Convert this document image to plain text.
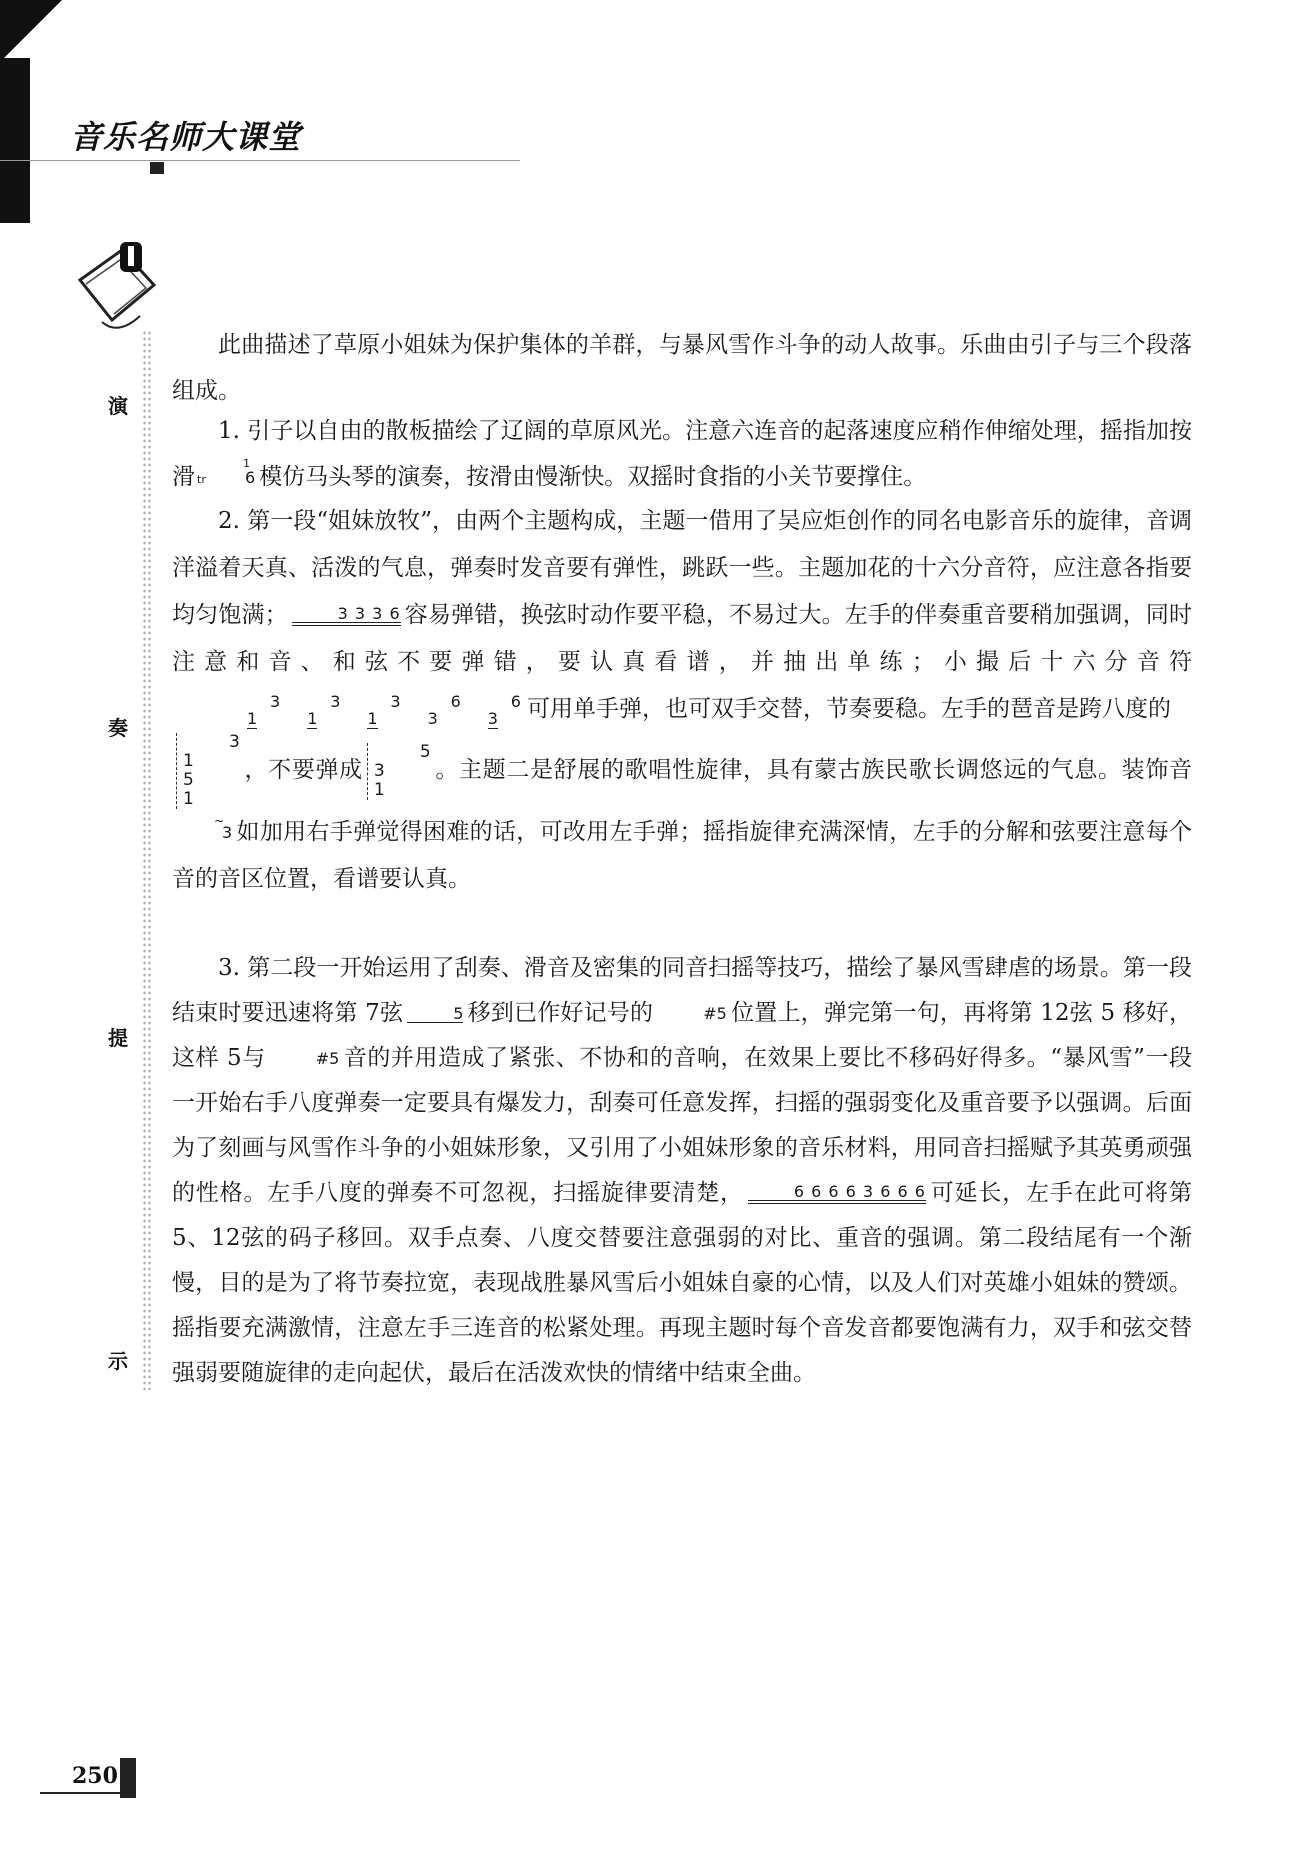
音乐名师大课堂
演
奏
提
示

此曲描述了草原小姐妹为保护集体的羊群，与暴风雪作斗争的动人故事。乐曲由引子与三个段落组成。

1. 引子以自由的散板描绘了辽阔的草原风光。注意六连音的起落速度应稍作伸缩处理，摇指加按滑
1 tr	6 模仿马头琴的演奏，按滑由慢渐快。双摇时食指的小关节要撑住。

2. 第一段“姐妹放牧”，由两个主题构成，主题一借用了吴应炬创作的同名电影音乐的旋律，音调洋溢着天真、活泼的气息，弹奏时发音要有弹性，跳跃一些。主题加花的十六分音符，应注意各指要均匀饱满；	3 3 3 6 容易弹错，换弦时动作要平稳，不易过大。左手的伴奏重音要稍加强调，同时注意和音、和弦不要弹错，要认真看谱，并抽出单练；小撮后十六分音符3
13
13
16
36
3 可用单手弹，也可双手交替，节奏要稳。左手的琶音是跨八度的
3
1
5
1，不要弹成5
3
1。主题二是舒展的歌唱性旋律，具有蒙古族民歌长调悠远的气息。装饰音
~
3 如加用右手弹觉得困难的话，可改用左手弹；摇指旋律充满深情，左手的分解和弦要注意每个音的音区位置，看谱要认真。

3. 第二段一开始运用了刮奏、滑音及密集的同音扫摇等技巧，描绘了暴风雪肆虐的场景。第一段结束时要迅速将第 7弦	5 移到已作好记号的	#5 位置上，弹完第一句，再将第 12弦 5 移好，这样 5与	#5 音的并用造成了紧张、不协和的音响，在效果上要比不移码好得多。“暴风雪”一段一开始右手八度弹奏一定要具有爆发力，刮奏可任意发挥，扫摇的强弱变化及重音要予以强调。后面为了刻画与风雪作斗争的小姐妹形象，又引用了小姐妹形象的音乐材料，用同音扫摇赋予其英勇顽强的性格。左手八度的弹奏不可忽视，扫摇旋律要清楚，	6 6 6 6 3 6 6 6 可延长，左手在此可将第 5、12弦的码子移回。双手点奏、八度交替要注意强弱的对比、重音的强调。第二段结尾有一个渐慢，目的是为了将节奏拉宽，表现战胜暴风雪后小姐妹自豪的心情，以及人们对英雄小姐妹的赞颂。摇指要充满激情，注意左手三连音的松紧处理。再现主题时每个音发音都要饱满有力，双手和弦交替强弱要随旋律的走向起伏，最后在活泼欢快的情绪中结束全曲。

250
